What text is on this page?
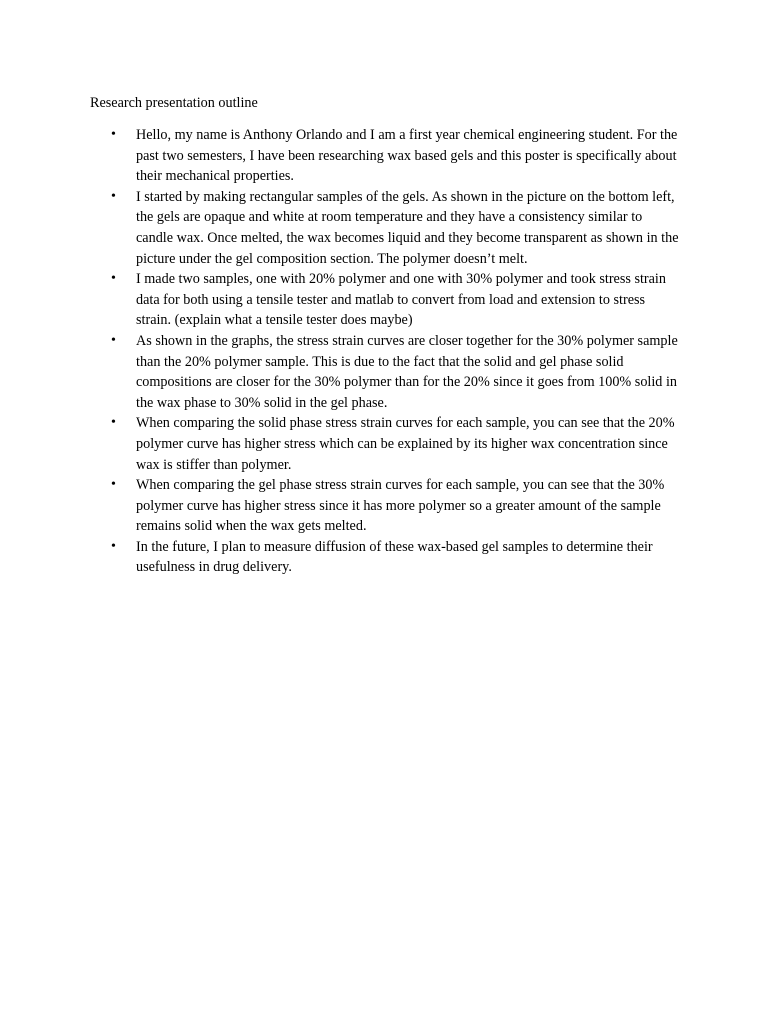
Research presentation outline

• Hello, my name is Anthony Orlando and I am a first year chemical engineering student. For the past two semesters, I have been researching wax based gels and this poster is specifically about their mechanical properties.
• I started by making rectangular samples of the gels. As shown in the picture on the bottom left, the gels are opaque and white at room temperature and they have a consistency similar to candle wax. Once melted, the wax becomes liquid and they become transparent as shown in the picture under the gel composition section. The polymer doesn’t melt.
• I made two samples, one with 20% polymer and one with 30% polymer and took stress strain data for both using a tensile tester and matlab to convert from load and extension to stress strain. (explain what a tensile tester does maybe)
• As shown in the graphs, the stress strain curves are closer together for the 30% polymer sample than the 20% polymer sample. This is due to the fact that the solid and gel phase solid compositions are closer for the 30% polymer than for the 20% since it goes from 100% solid in the wax phase to 30% solid in the gel phase.
• When comparing the solid phase stress strain curves for each sample, you can see that the 20% polymer curve has higher stress which can be explained by its higher wax concentration since wax is stiffer than polymer.
• When comparing the gel phase stress strain curves for each sample, you can see that the 30% polymer curve has higher stress since it has more polymer so a greater amount of the sample remains solid when the wax gets melted.
• In the future, I plan to measure diffusion of these wax-based gel samples to determine their usefulness in drug delivery.
